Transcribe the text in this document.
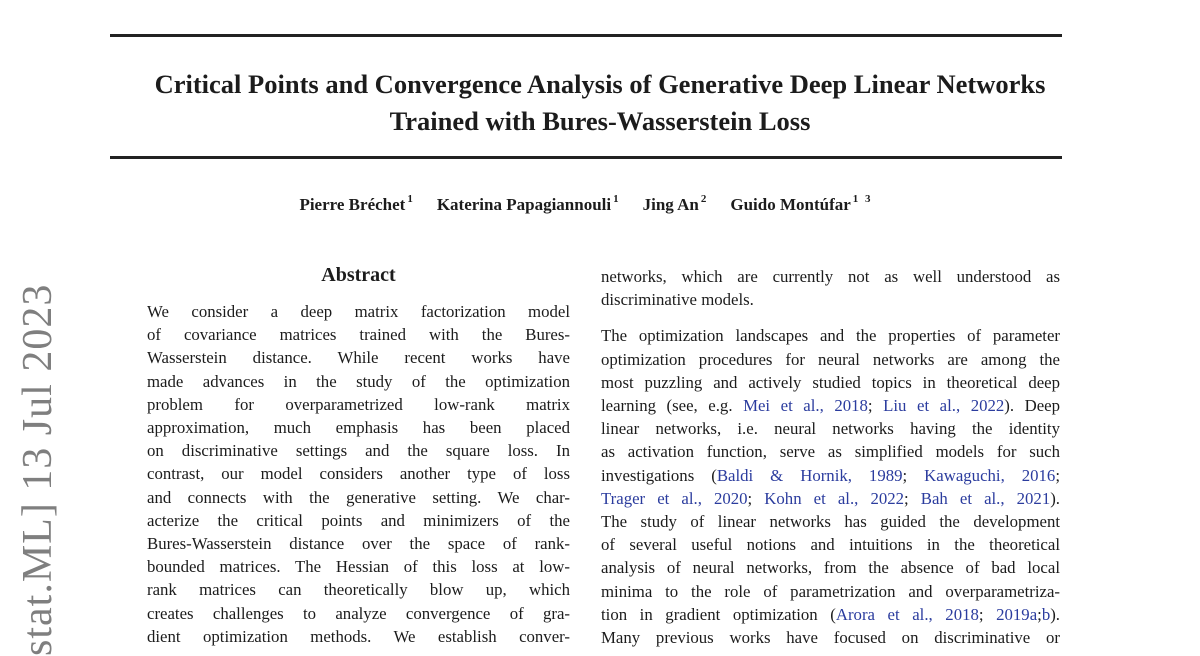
Critical Points and Convergence Analysis of Generative Deep Linear Networks
Trained with Bures-Wasserstein Loss
Pierre Bréchet $^1$ Katerina Papagiannouli $^1$ Jing An $^2$ Guido Montúfar $^{1 3}$
Abstract
We consider a deep matrix factorization model
of covariance matrices trained with the Bures-
Wasserstein distance. While recent works have
made advances in the study of the optimization
problem for overparametrized low-rank matrix
approximation, much emphasis has been placed
on discriminative settings and the square loss. In
contrast, our model considers another type of loss
and connects with the generative setting. We char-
acterize the critical points and minimizers of the
Bures-Wasserstein distance over the space of rank-
bounded matrices. The Hessian of this loss at low-
rank matrices can theoretically blow up, which
creates challenges to analyze convergence of gra-
dient optimization methods. We establish conver-
networks, which are currently not as well understood as
discriminative models.
The optimization landscapes and the properties of parameter
optimization procedures for neural networks are among the
most puzzling and actively studied topics in theoretical deep
learning (see, e.g. Mei et al., 2018; Liu et al., 2022). Deep
linear networks, i.e. neural networks having the identity
as activation function, serve as simplified models for such
investigations (Baldi & Hornik, 1989; Kawaguchi, 2016;
Trager et al., 2020; Kohn et al., 2022; Bah et al., 2021).
The study of linear networks has guided the development
of several useful notions and intuitions in the theoretical
analysis of neural networks, from the absence of bad local
minima to the role of parametrization and overparametriza-
tion in gradient optimization (Arora et al., 2018; 2019a;b).
Many previous works have focused on discriminative or
stat.ML] 13 Jul 2023
